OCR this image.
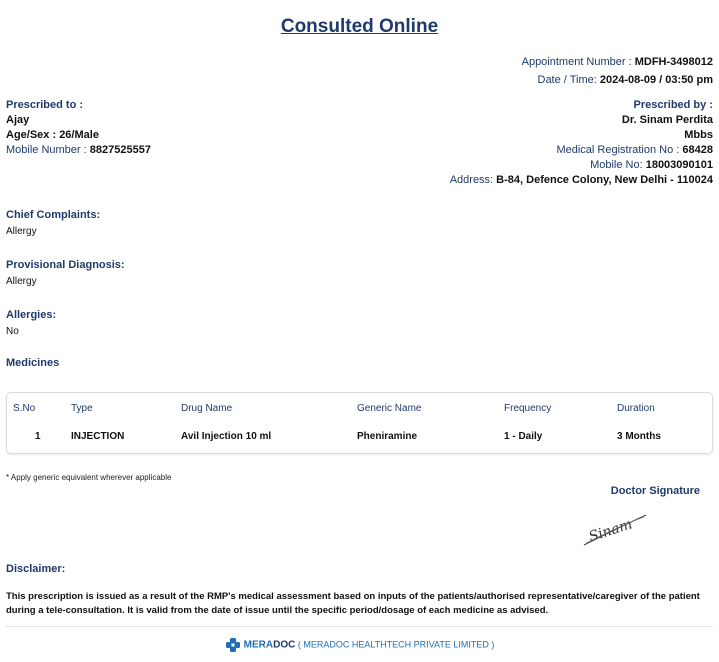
Consulted Online
Appointment Number : MDFH-3498012
Date / Time: 2024-08-09 / 03:50 pm
Prescribed to :
Ajay
Age/Sex : 26/Male
Mobile Number : 8827525557
Prescribed by :
Dr. Sinam Perdita
Mbbs
Medical Registration No : 68428
Mobile No: 18003090101
Address: B-84, Defence Colony, New Delhi - 110024
Chief Complaints:
Allergy
Provisional Diagnosis:
Allergy
Allergies:
No
Medicines
S.No	Type	Drug Name	Generic Name	Frequency	Duration
1	INJECTION	Avil Injection 10 ml	Pheniramine	1 - Daily	3 Months
* Apply generic equivalent wherever applicable
Doctor Signature
Sinam
Disclaimer:
This prescription is issued as a result of the RMP's medical assessment based on inputs of the patients/authorised representative/caregiver of the patient during a tele-consultation. It is valid from the date of issue until the specific period/dosage of each medicine as advised.
MERADOC ( MERADOC HEALTHTECH PRIVATE LIMITED )
